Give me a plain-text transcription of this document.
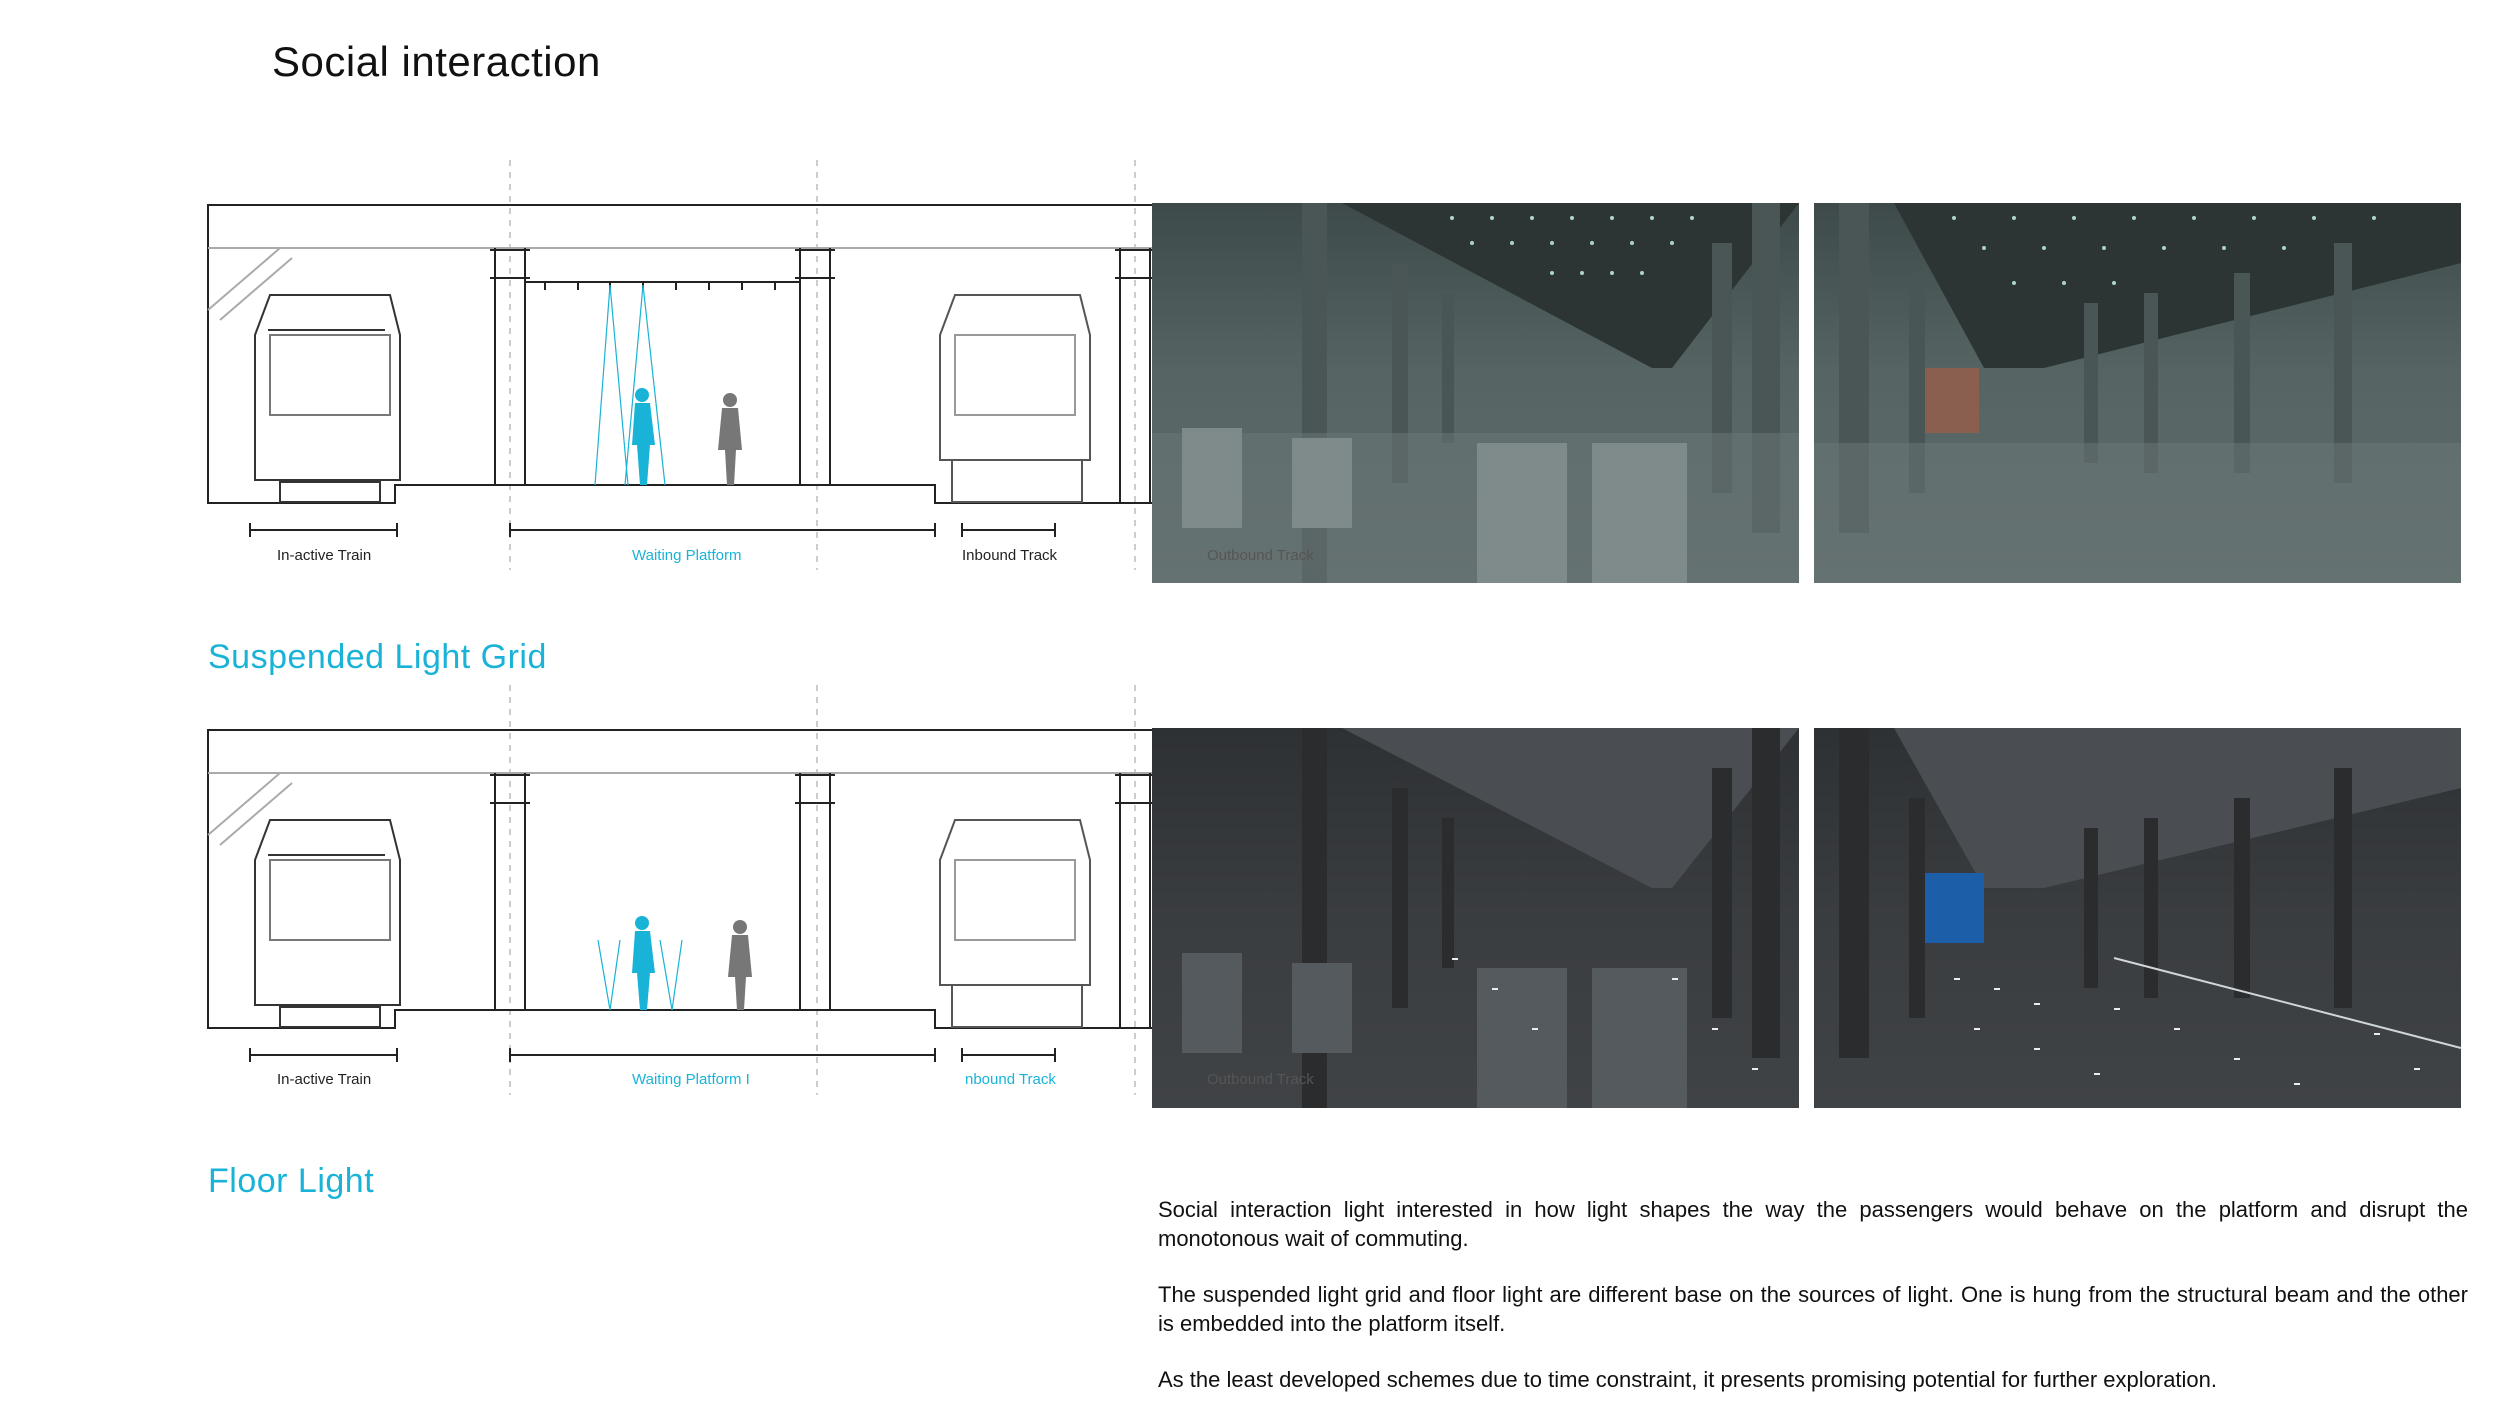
Social interaction
In-active Train	Waiting Platform	Inbound Track	Outbound Track
Suspended Light Grid
In-active Train	Waiting Platform I	nbound Track	Outbound Track
Floor Light

Social interaction light interested in how light shapes the way the passengers would behave on the platform and disrupt the monotonous wait of commuting.

The suspended light grid and floor light are different base on the sources of light. One is hung from the structural beam and the other is embedded into the platform itself.

As the least developed schemes due to time constraint, it presents promising potential for further exploration.
